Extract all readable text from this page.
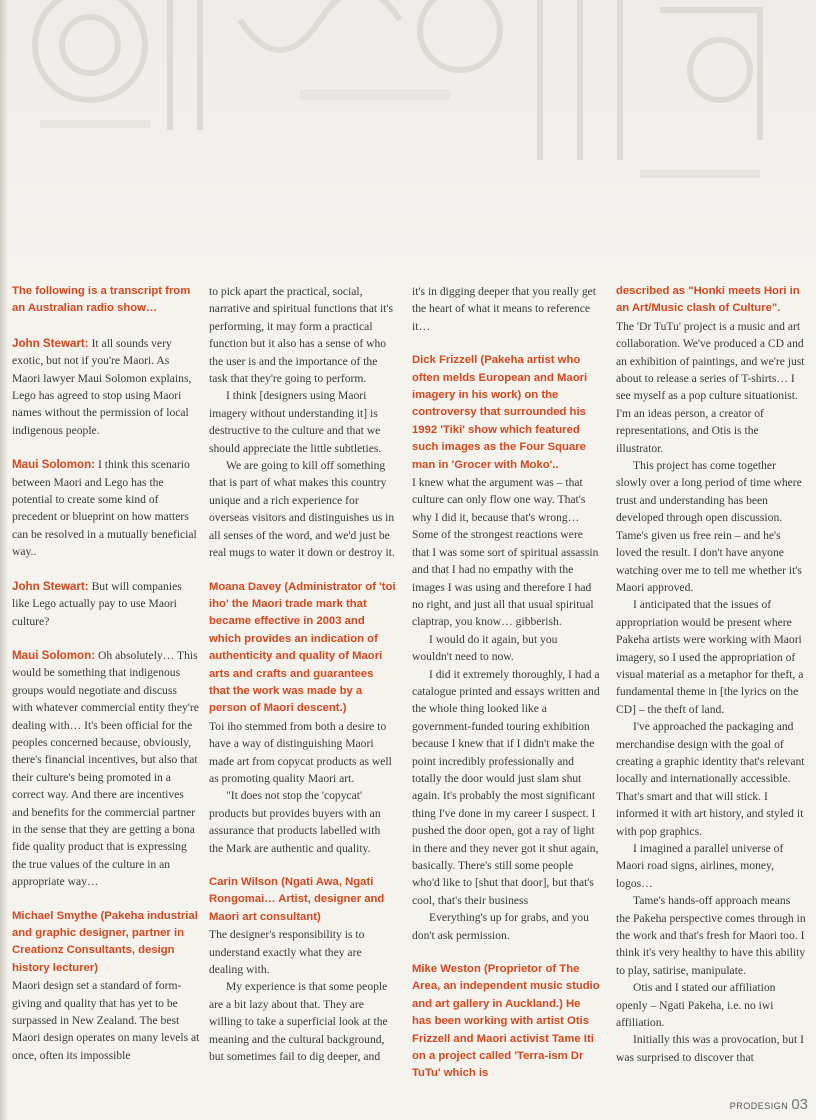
The following is a transcript from an Australian radio show…

John Stewart: It all sounds very exotic, but not if you're Maori. As Maori lawyer Maui Solomon explains, Lego has agreed to stop using Maori names without the permission of local indigenous people.

Maui Solomon: I think this scenario between Maori and Lego has the potential to create some kind of precedent or blueprint on how matters can be resolved in a mutually beneficial way..

John Stewart: But will companies like Lego actually pay to use Maori culture?

Maui Solomon: Oh absolutely… This would be something that indigenous groups would negotiate and discuss with whatever commercial entity they're dealing with… It's been official for the peoples concerned because, obviously, there's financial incentives, but also that their culture's being promoted in a correct way. And there are incentives and benefits for the commercial partner in the sense that they are getting a bona fide quality product that is expressing the true values of the culture in an appropriate way…

Michael Smythe (Pakeha industrial and graphic designer, partner in Creationz Consultants, design history lecturer)

Maori design set a standard of form-giving and quality that has yet to be surpassed in New Zealand. The best Maori design operates on many levels at once, often its impossible

to pick apart the practical, social, narrative and spiritual functions that it's performing, it may form a practical function but it also has a sense of who the user is and the importance of the task that they're going to perform.

I think [designers using Maori imagery without understanding it] is destructive to the culture and that we should appreciate the little subtleties.

We are going to kill off something that is part of what makes this country unique and a rich experience for overseas visitors and distinguishes us in all senses of the word, and we'd just be real mugs to water it down or destroy it.

Moana Davey (Administrator of 'toi iho' the Maori trade mark that became effective in 2003 and which provides an indication of authenticity and quality of Maori arts and crafts and guarantees that the work was made by a person of Maori descent.)

Toi iho stemmed from both a desire to have a way of distinguishing Maori made art from copycat products as well as promoting quality Maori art.

"It does not stop the 'copycat' products but provides buyers with an assurance that products labelled with the Mark are authentic and quality.

Carin Wilson (Ngati Awa, Ngati Rongomai… Artist, designer and Maori art consultant)

The designer's responsibility is to understand exactly what they are dealing with.

My experience is that some people are a bit lazy about that. They are willing to take a superficial look at the meaning and the cultural background, but sometimes fail to dig deeper, and

it's in digging deeper that you really get the heart of what it means to reference it…

Dick Frizzell (Pakeha artist who often melds European and Maori imagery in his work) on the controversy that surrounded his 1992 'Tiki' show which featured such images as the Four Square man in 'Grocer with Moko'..

I knew what the argument was – that culture can only flow one way. That's why I did it, because that's wrong… Some of the strongest reactions were that I was some sort of spiritual assassin and that I had no empathy with the images I was using and therefore I had no right, and just all that usual spiritual claptrap, you know… gibberish.

I would do it again, but you wouldn't need to now.

I did it extremely thoroughly, I had a catalogue printed and essays written and the whole thing looked like a government-funded touring exhibition because I knew that if I didn't make the point incredibly professionally and totally the door would just slam shut again. It's probably the most significant thing I've done in my career I suspect. I pushed the door open, got a ray of light in there and they never got it shut again, basically. There's still some people who'd like to [shut that door], but that's cool, that's their business

Everything's up for grabs, and you don't ask permission.

Mike Weston (Proprietor of The Area, an independent music studio and art gallery in Auckland.) He has been working with artist Otis Frizzell and Maori activist Tame Iti on a project called 'Terra-ism Dr TuTu' which is

described as "Honki meets Hori in an Art/Music clash of Culture".

The 'Dr TuTu' project is a music and art collaboration. We've produced a CD and an exhibition of paintings, and we're just about to release a series of T-shirts… I see myself as a pop culture situationist. I'm an ideas person, a creator of representations, and Otis is the illustrator.

This project has come together slowly over a long period of time where trust and understanding has been developed through open discussion. Tame's given us free rein – and he's loved the result. I don't have anyone watching over me to tell me whether it's Maori approved.

I anticipated that the issues of appropriation would be present where Pakeha artists were working with Maori imagery, so I used the appropriation of visual material as a metaphor for theft, a fundamental theme in [the lyrics on the CD] – the theft of land.

I've approached the packaging and merchandise design with the goal of creating a graphic identity that's relevant locally and internationally accessible. That's smart and that will stick. I informed it with art history, and styled it with pop graphics.

I imagined a parallel universe of Maori road signs, airlines, money, logos…

Tame's hands-off approach means the Pakeha perspective comes through in the work and that's fresh for Maori too. I think it's very healthy to have this ability to play, satirise, manipulate.

Otis and I stated our affiliation openly – Ngati Pakeha, i.e. no iwi affiliation.

Initially this was a provocation, but I was surprised to discover that

PRODESIGN 03
